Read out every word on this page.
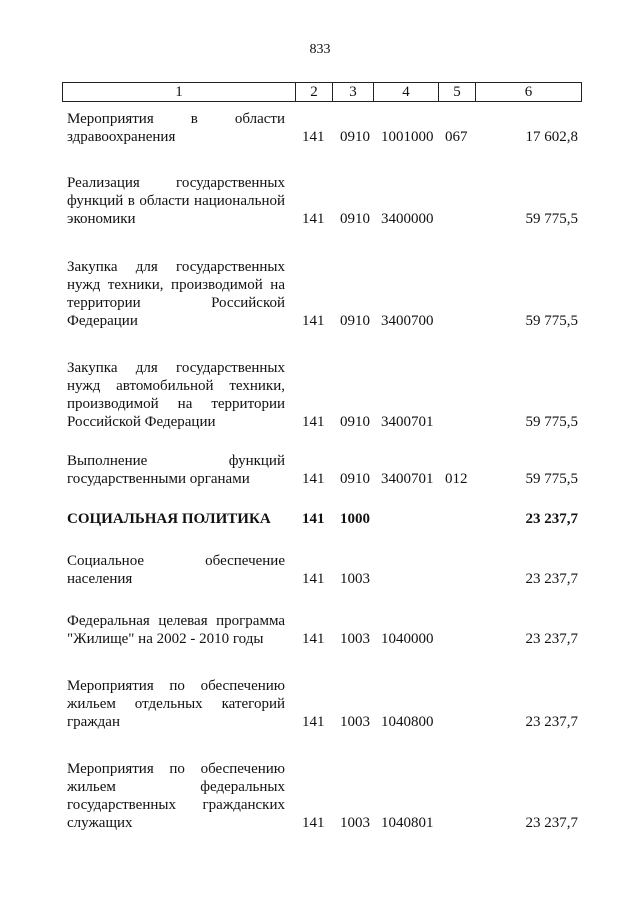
833
1	2	3	4	5	6
Мероприятия в области
здравоохранения	141 0910 1001000 067	17 602,8
Реализация государственных
функций в области национальной
экономики	141 0910 3400000	59 775,5
Закупка для государственных
нужд техники, производимой на
территории Российской
Федерации	141 0910 3400700	59 775,5
Закупка для государственных
нужд автомобильной техники,
производимой на территории
Российской Федерации	141 0910 3400701	59 775,5
Выполнение функций
государственными органами	141 0910 3400701 012	59 775,5
СОЦИАЛЬНАЯ ПОЛИТИКА	141 1000	23 237,7
Социальное обеспечение
населения	141 1003	23 237,7
Федеральная целевая программа
"Жилище" на 2002 - 2010 годы	141 1003 1040000	23 237,7
Мероприятия по обеспечению
жильем отдельных категорий
граждан	141 1003 1040800	23 237,7
Мероприятия по обеспечению
жильем федеральных
государственных гражданских
служащих	141 1003 1040801	23 237,7
